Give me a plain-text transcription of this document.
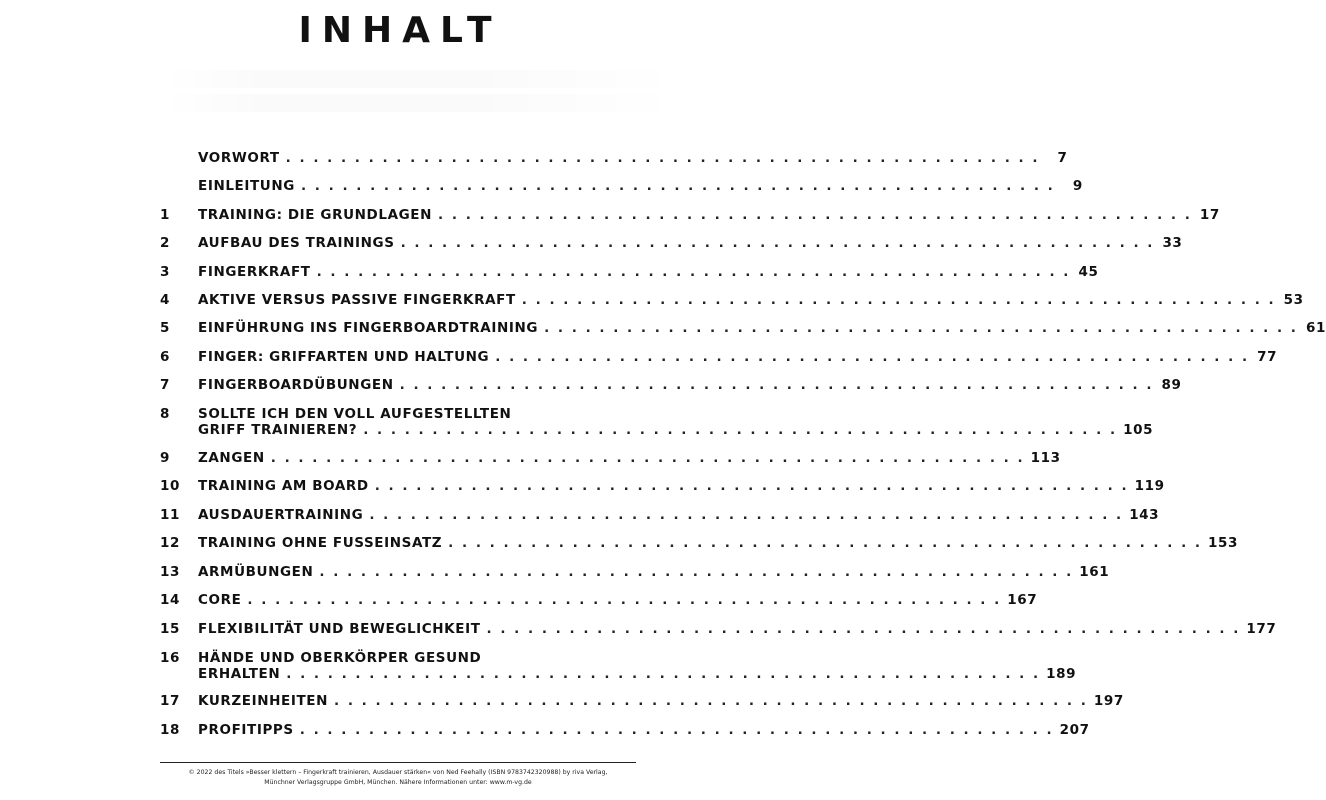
INHALT
VORWORT . . . . . . . . . . . . . . . . . . . . . . . . . . . . . . . . . . . . . . . . . . . . . . . . . . . . . . .	7
EINLEITUNG . . . . . . . . . . . . . . . . . . . . . . . . . . . . . . . . . . . . . . . . . . . . . . . . . . . . . . .	9
1	TRAINING: DIE GRUNDLAGEN . . . . . . . . . . . . . . . . . . . . . . . . . . . . . . . . . . . . . . . . . . . . . . . . . . . . . . . 17
2	AUFBAU DES TRAININGS . . . . . . . . . . . . . . . . . . . . . . . . . . . . . . . . . . . . . . . . . . . . . . . . . . . . . . . 33
3	FINGERKRAFT . . . . . . . . . . . . . . . . . . . . . . . . . . . . . . . . . . . . . . . . . . . . . . . . . . . . . . . 45
4	AKTIVE VERSUS PASSIVE FINGERKRAFT . . . . . . . . . . . . . . . . . . . . . . . . . . . . . . . . . . . . . . . . . . . . . . . . . . . . . . . 53
5	EINFÜHRUNG INS FINGERBOARDTRAINING . . . . . . . . . . . . . . . . . . . . . . . . . . . . . . . . . . . . . . . . . . . . . . . . . . . . . . . 61
6	FINGER: GRIFFARTEN UND HALTUNG . . . . . . . . . . . . . . . . . . . . . . . . . . . . . . . . . . . . . . . . . . . . . . . . . . . . . . . 77
7	FINGERBOARDÜBUNGEN . . . . . . . . . . . . . . . . . . . . . . . . . . . . . . . . . . . . . . . . . . . . . . . . . . . . . . . 89
8	SOLLTE ICH DEN VOLL AUFGESTELLTEN
GRIFF TRAINIEREN? . . . . . . . . . . . . . . . . . . . . . . . . . . . . . . . . . . . . . . . . . . . . . . . . . . . . . . . 105
9	ZANGEN . . . . . . . . . . . . . . . . . . . . . . . . . . . . . . . . . . . . . . . . . . . . . . . . . . . . . . . 113
10	TRAINING AM BOARD . . . . . . . . . . . . . . . . . . . . . . . . . . . . . . . . . . . . . . . . . . . . . . . . . . . . . . . 119
11	AUSDAUERTRAINING . . . . . . . . . . . . . . . . . . . . . . . . . . . . . . . . . . . . . . . . . . . . . . . . . . . . . . . 143
12	TRAINING OHNE FUSSEINSATZ . . . . . . . . . . . . . . . . . . . . . . . . . . . . . . . . . . . . . . . . . . . . . . . . . . . . . . . 153
13	ARMÜBUNGEN . . . . . . . . . . . . . . . . . . . . . . . . . . . . . . . . . . . . . . . . . . . . . . . . . . . . . . . 161
14	CORE . . . . . . . . . . . . . . . . . . . . . . . . . . . . . . . . . . . . . . . . . . . . . . . . . . . . . . . 167
15	FLEXIBILITÄT UND BEWEGLICHKEIT . . . . . . . . . . . . . . . . . . . . . . . . . . . . . . . . . . . . . . . . . . . . . . . . . . . . . . . 177
16	HÄNDE UND OBERKÖRPER GESUND
ERHALTEN . . . . . . . . . . . . . . . . . . . . . . . . . . . . . . . . . . . . . . . . . . . . . . . . . . . . . . . 189
17	KURZEINHEITEN . . . . . . . . . . . . . . . . . . . . . . . . . . . . . . . . . . . . . . . . . . . . . . . . . . . . . . . 197
18	PROFITIPPS . . . . . . . . . . . . . . . . . . . . . . . . . . . . . . . . . . . . . . . . . . . . . . . . . . . . . . . 207
© 2022 des Titels »Besser klettern – Fingerkraft trainieren, Ausdauer stärken« von Ned Feehally (ISBN 9783742320988) by riva Verlag,
Münchner Verlagsgruppe GmbH, München. Nähere Informationen unter: www.m-vg.de
